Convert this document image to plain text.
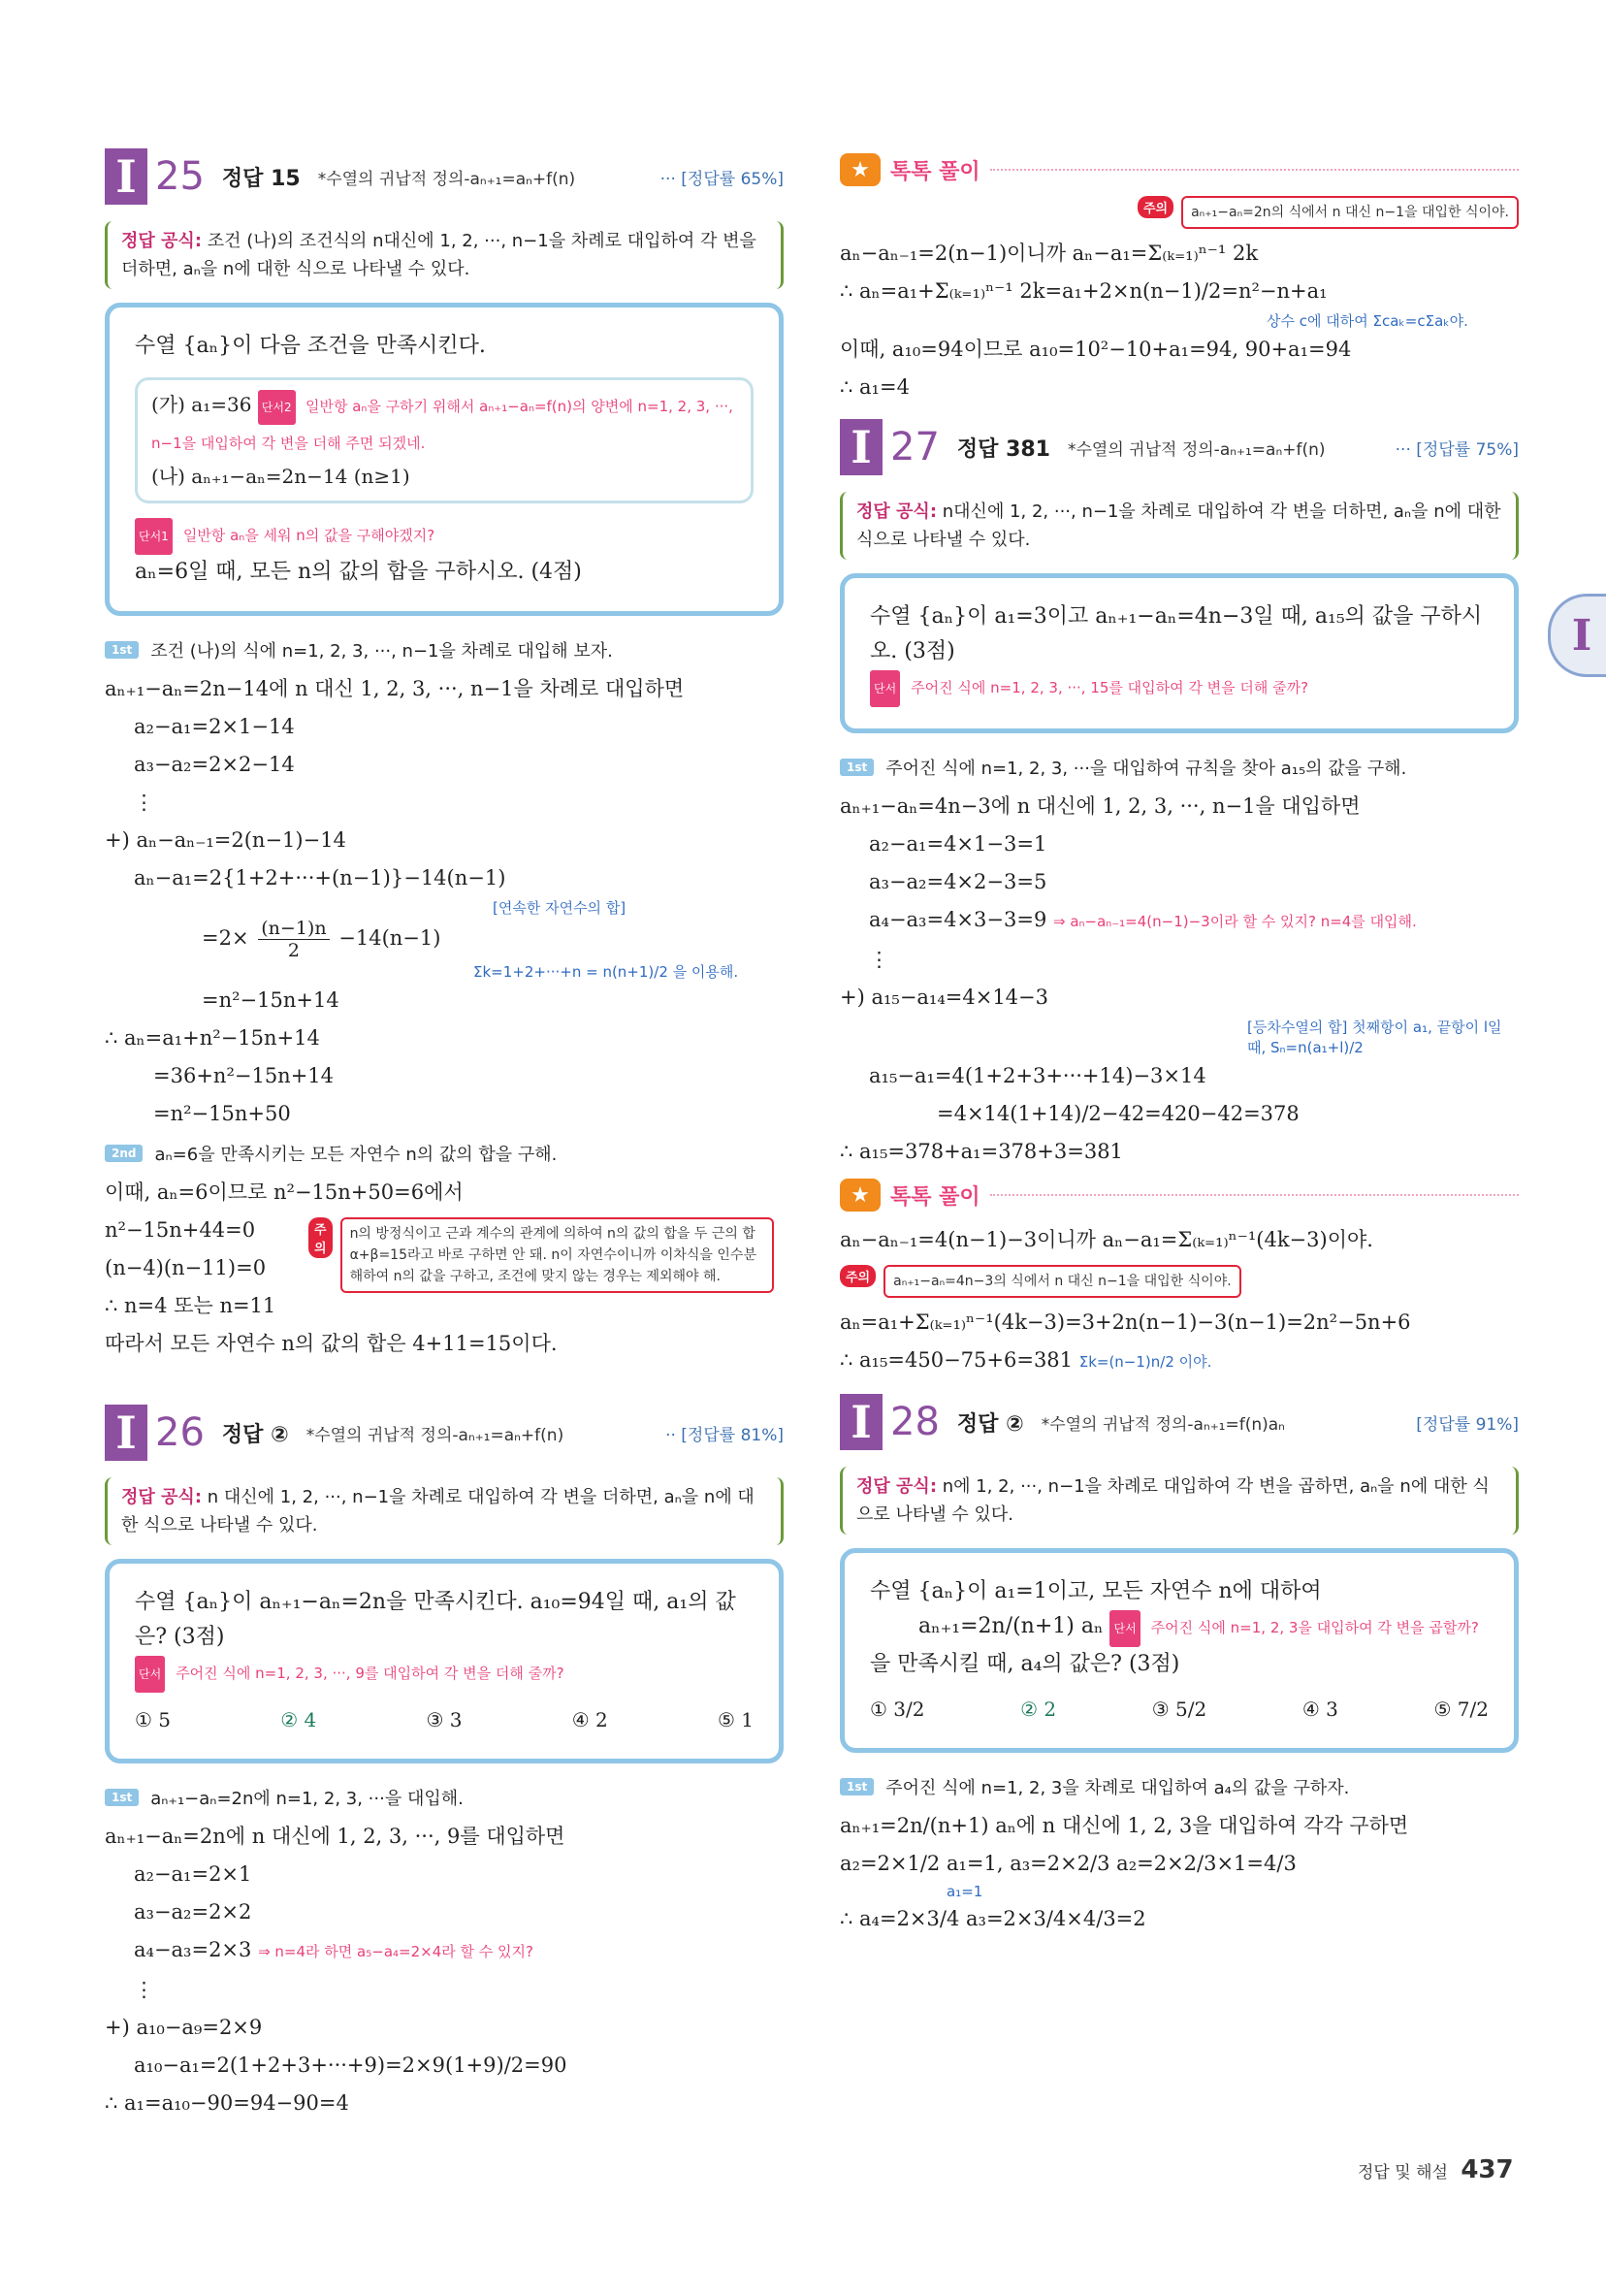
I 25 정답 15 *수열의 귀납적 정의-aₙ₊₁=aₙ+f(n)	··· [정답률 65%]
정답 공식: 조건 (나)의 조건식의 n대신에 1, 2, ···, n−1을 차례로 대입하여 각 변을 더하면, aₙ을 n에 대한 식으로 나타낼 수 있다.
수열 {aₙ}이 다음 조건을 만족시킨다.
(가) a₁=36 단서2 일반항 aₙ을 구하기 위해서 aₙ₊₁−aₙ=f(n)의 양변에 n=1, 2, 3, ···, n−1을 대입하여 각 변을 더해 주면 되겠네.
(나) aₙ₊₁−aₙ=2n−14 (n≥1)
단서1 일반항 aₙ을 세워 n의 값을 구해야겠지?
aₙ=6일 때, 모든 n의 값의 합을 구하시오. (4점)
1st	조건 (나)의 식에 n=1, 2, 3, ···, n−1을 차례로 대입해 보자.
aₙ₊₁−aₙ=2n−14에 n 대신 1, 2, 3, ···, n−1을 차례로 대입하면
a₂−a₁=2×1−14
a₃−a₂=2×2−14
⋮
+) aₙ−aₙ₋₁=2(n−1)−14
aₙ−a₁=2{1+2+···+(n−1)}−14(n−1)
[연속한 자연수의 합]
$=2\times \frac{(n-1)n}{2} -14(n-1)$
Σk=1+2+···+n = n(n+1)/2 을 이용해.
=n²−15n+14
∴ aₙ=a₁+n²−15n+14
=36+n²−15n+14
=n²−15n+50
2nd	aₙ=6을 만족시키는 모든 자연수 n의 값의 합을 구해.
이때, aₙ=6이므로 n²−15n+50=6에서
n²−15n+44=0
(n−4)(n−11)=0
∴ n=4 또는 n=11
주의
n의 방정식이고 근과 계수의 관계에 의하여 n의 값의 합을 두 근의 합 α+β=15라고 바로 구하면 안 돼. n이 자연수이니까 이차식을 인수분해하여 n의 값을 구하고, 조건에 맞지 않는 경우는 제외해야 해.
따라서 모든 자연수 n의 값의 합은 4+11=15이다.
I 26 정답 ② *수열의 귀납적 정의-aₙ₊₁=aₙ+f(n)	·· [정답률 81%]
정답 공식: n 대신에 1, 2, ···, n−1을 차례로 대입하여 각 변을 더하면, aₙ을 n에 대한 식으로 나타낼 수 있다.
수열 {aₙ}이 aₙ₊₁−aₙ=2n을 만족시킨다. a₁₀=94일 때, a₁의 값은? (3점)
단서 주어진 식에 n=1, 2, 3, ···, 9를 대입하여 각 변을 더해 줄까?
① 5	② 4	③ 3	④ 2	⑤ 1
1st	aₙ₊₁−aₙ=2n에 n=1, 2, 3, ···을 대입해.
aₙ₊₁−aₙ=2n에 n 대신에 1, 2, 3, ···, 9를 대입하면
a₂−a₁=2×1
a₃−a₂=2×2
a₄−a₃=2×3 ⇒ n=4라 하면 a₅−a₄=2×4라 할 수 있지?
⋮
+) a₁₀−a₉=2×9
a₁₀−a₁=2(1+2+3+···+9)=2×9(1+9)/2=90
∴ a₁=a₁₀−90=94−90=4
★ 톡톡 풀이
주의	aₙ₊₁−aₙ=2n의 식에서 n 대신 n−1을 대입한 식이야.
aₙ−aₙ₋₁=2(n−1)이니까 aₙ−a₁=Σ₍ₖ₌₁₎ⁿ⁻¹ 2k
∴ aₙ=a₁+Σ₍ₖ₌₁₎ⁿ⁻¹ 2k=a₁+2×n(n−1)/2=n²−n+a₁
상수 c에 대하여 Σcaₖ=cΣaₖ야.
이때, a₁₀=94이므로 a₁₀=10²−10+a₁=94, 90+a₁=94
∴ a₁=4
I 27 정답 381 *수열의 귀납적 정의-aₙ₊₁=aₙ+f(n)	··· [정답률 75%]
정답 공식: n대신에 1, 2, ···, n−1을 차례로 대입하여 각 변을 더하면, aₙ을 n에 대한 식으로 나타낼 수 있다.
수열 {aₙ}이 a₁=3이고 aₙ₊₁−aₙ=4n−3일 때, a₁₅의 값을 구하시오. (3점)
단서 주어진 식에 n=1, 2, 3, ···, 15를 대입하여 각 변을 더해 줄까?
1st	주어진 식에 n=1, 2, 3, ···을 대입하여 규칙을 찾아 a₁₅의 값을 구해.
aₙ₊₁−aₙ=4n−3에 n 대신에 1, 2, 3, ···, n−1을 대입하면
a₂−a₁=4×1−3=1
a₃−a₂=4×2−3=5
a₄−a₃=4×3−3=9 ⇒ aₙ−aₙ₋₁=4(n−1)−3이라 할 수 있지? n=4를 대입해.
⋮
+) a₁₅−a₁₄=4×14−3
[등차수열의 합] 첫째항이 a₁, 끝항이 l일 때, Sₙ=n(a₁+l)/2
a₁₅−a₁=4(1+2+3+···+14)−3×14
=4×14(1+14)/2−42=420−42=378
∴ a₁₅=378+a₁=378+3=381
★ 톡톡 풀이
aₙ−aₙ₋₁=4(n−1)−3이니까 aₙ−a₁=Σ₍ₖ₌₁₎ⁿ⁻¹(4k−3)이야.
주의	aₙ₊₁−aₙ=4n−3의 식에서 n 대신 n−1을 대입한 식이야.
aₙ=a₁+Σ₍ₖ₌₁₎ⁿ⁻¹(4k−3)=3+2n(n−1)−3(n−1)=2n²−5n+6
∴ a₁₅=450−75+6=381 Σk=(n−1)n/2 이야.
I 28 정답 ② *수열의 귀납적 정의-aₙ₊₁=f(n)aₙ	[정답률 91%]
정답 공식: n에 1, 2, ···, n−1을 차례로 대입하여 각 변을 곱하면, aₙ을 n에 대한 식으로 나타낼 수 있다.
수열 {aₙ}이 a₁=1이고, 모든 자연수 n에 대하여
aₙ₊₁=2n/(n+1) aₙ 단서 주어진 식에 n=1, 2, 3을 대입하여 각 변을 곱할까?
을 만족시킬 때, a₄의 값은? (3점)
① 3/2	② 2	③ 5/2	④ 3	⑤ 7/2
1st	주어진 식에 n=1, 2, 3을 차례로 대입하여 a₄의 값을 구하자.
aₙ₊₁=2n/(n+1) aₙ에 n 대신에 1, 2, 3을 대입하여 각각 구하면
a₂=2×1/2 a₁=1, a₃=2×2/3 a₂=2×2/3×1=4/3
a₁=1
∴ a₄=2×3/4 a₃=2×3/4×4/3=2
I
정답 및 해설 437
